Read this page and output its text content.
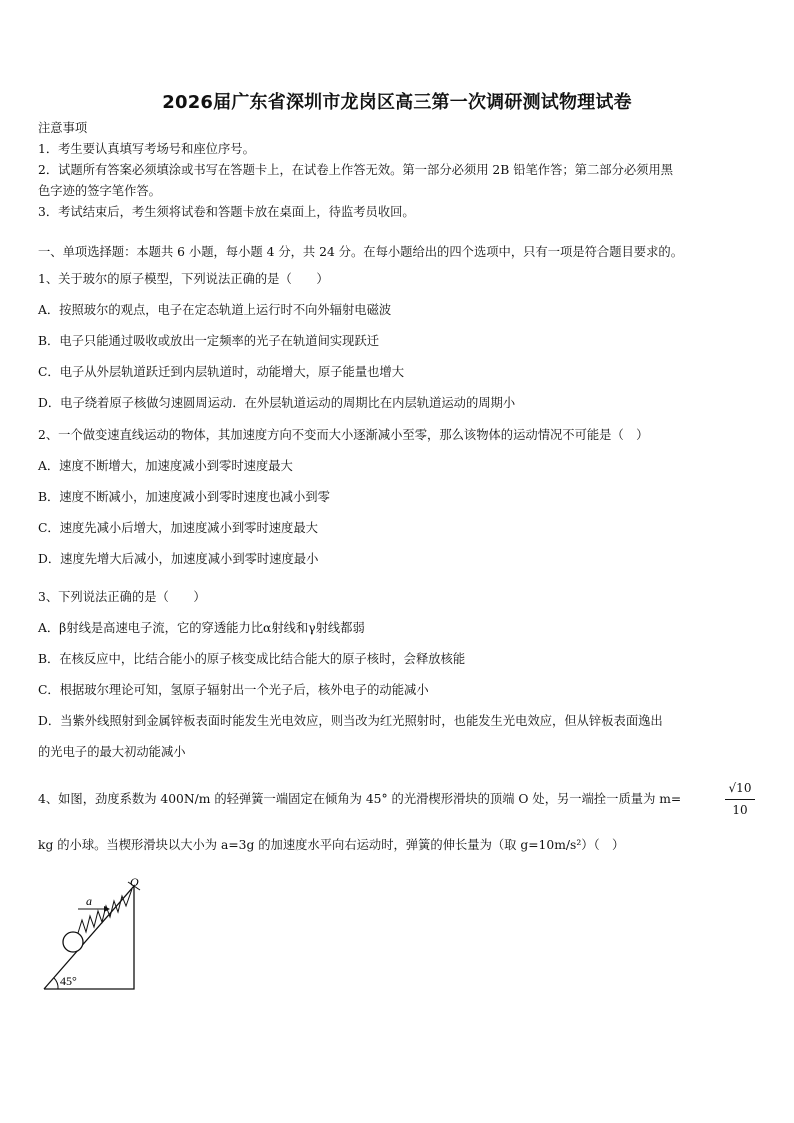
2026届广东省深圳市龙岗区高三第一次调研测试物理试卷
注意事项
1．考生要认真填写考场号和座位序号。
2．试题所有答案必须填涂或书写在答题卡上，在试卷上作答无效。第一部分必须用 2B 铅笔作答；第二部分必须用黑
色字迹的签字笔作答。
3．考试结束后，考生须将试卷和答题卡放在桌面上，待监考员收回。
一、单项选择题：本题共 6 小题，每小题 4 分，共 24 分。在每小题给出的四个选项中，只有一项是符合题目要求的。
1、关于玻尔的原子模型，下列说法正确的是（　　）
A．按照玻尔的观点，电子在定态轨道上运行时不向外辐射电磁波
B．电子只能通过吸收或放出一定频率的光子在轨道间实现跃迁
C．电子从外层轨道跃迁到内层轨道时，动能增大，原子能量也增大
D．电子绕着原子核做匀速圆周运动．在外层轨道运动的周期比在内层轨道运动的周期小
2、一个做变速直线运动的物体，其加速度方向不变而大小逐渐减小至零，那么该物体的运动情况不可能是（　）
A．速度不断增大，加速度减小到零时速度最大
B．速度不断减小，加速度减小到零时速度也减小到零
C．速度先减小后增大，加速度减小到零时速度最大
D．速度先增大后减小，加速度减小到零时速度最小
3、下列说法正确的是（　　）
A．β射线是高速电子流，它的穿透能力比α射线和γ射线都弱
B．在核反应中，比结合能小的原子核变成比结合能大的原子核时，会释放核能
C．根据玻尔理论可知，氢原子辐射出一个光子后，核外电子的动能减小
D．当紫外线照射到金属锌板表面时能发生光电效应，则当改为红光照射时，也能发生光电效应，但从锌板表面逸出
的光电子的最大初动能减小
4、如图，劲度系数为 400N/m 的轻弹簧一端固定在倾角为 45° 的光滑楔形滑块的顶端 O 处，另一端拴一质量为 m=
√10
10
kg 的小球。当楔形滑块以大小为 a=3g 的加速度水平向右运动时，弹簧的伸长量为（取 g=10m/s²）（　）
a
O
45°
